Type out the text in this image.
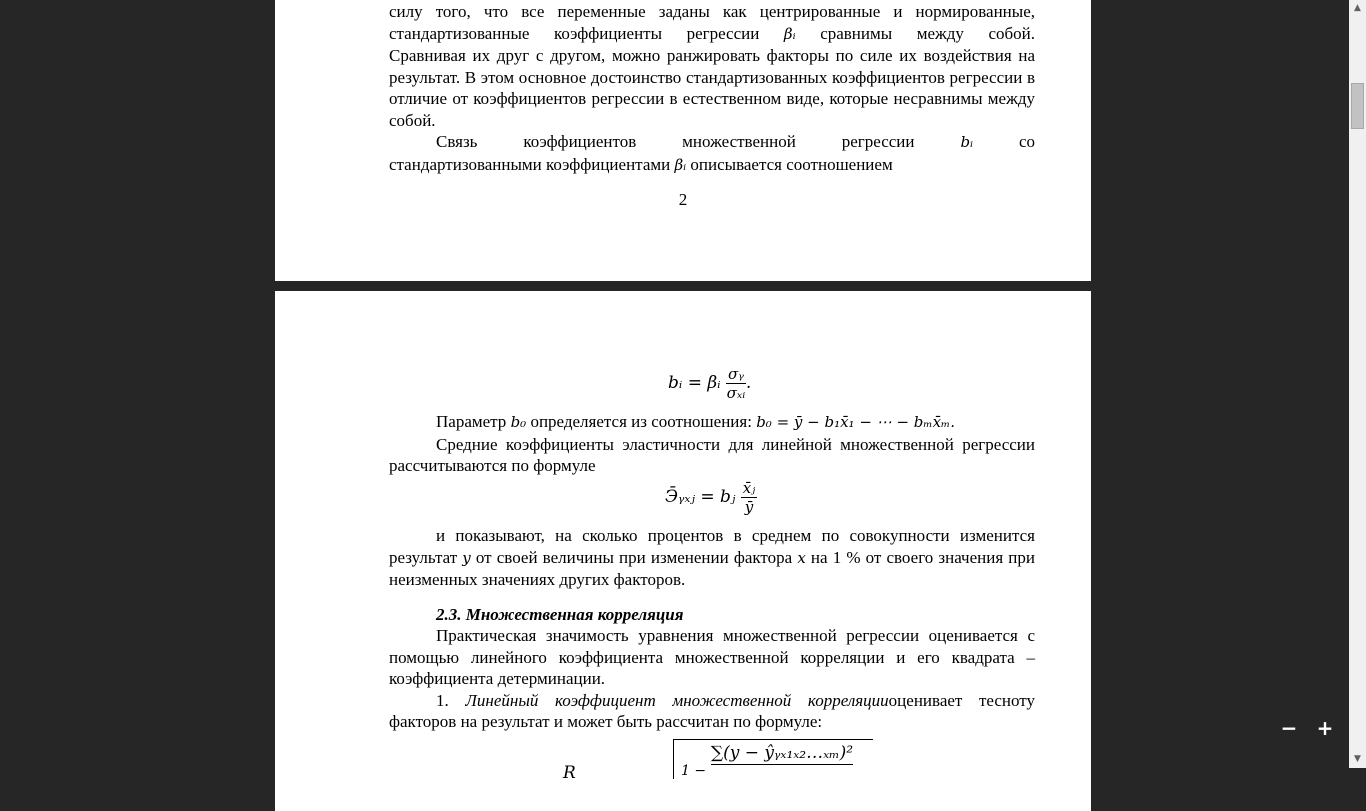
силу того, что все переменные заданы как центрированные и нормированные,

стандартизованные коэффициенты регрессии βᵢ сравнимы между собой.

Сравнивая их друг с другом, можно ранжировать факторы по силе их воздействия на результат. В этом основное достоинство стандартизованных коэффициентов регрессии в отличие от коэффициентов регрессии в естественном виде, которые несравнимы между собой.

Связь коэффициентов множественной регрессии	bᵢ	со

стандартизованными коэффициентами βᵢ описывается соотношением

2
bᵢ = βᵢ $\frac{\text{σᵧ}}{\text{σₓᵢ}}$ .

Параметр b₀ определяется из соотношения: b₀ = ȳ − b₁x̄₁ − ⋯ − bₘx̄ₘ.

Средние коэффициенты эластичности для линейной множественной регрессии рассчитываются по формуле

Э̄ᵧₓⱼ = bⱼ $\frac{\text{x̄ⱼ}}{ȳ}$

и показывают, на сколько процентов в среднем по совокупности изменится результат y от своей величины при изменении фактора x на 1 % от своего значения при неизменных значениях других факторов.

2.3. Множественная корреляция

Практическая значимость уравнения множественной регрессии оценивается с помощью линейного коэффициента множественной корреляции и его квадрата – коэффициента детерминации.

1. Линейный коэффициент множественной корреляцииоценивает тесноту

факторов на результат и может быть рассчитан по формуле:

R	1 −
∑(y − ŷᵧₓ₁ₓ₂…ₓₘ)²
− +
▲
▼
